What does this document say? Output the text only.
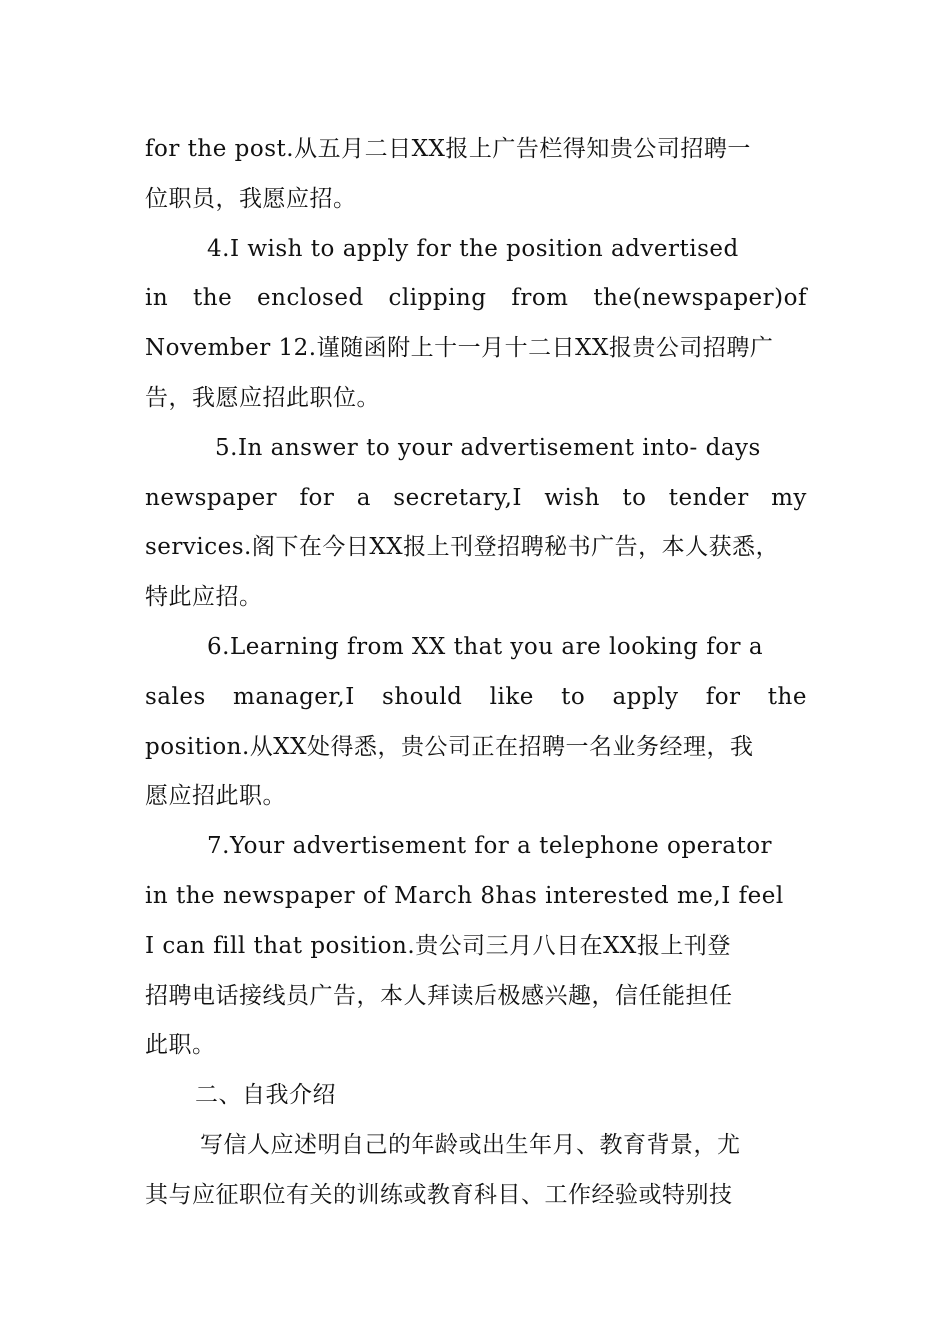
for the post.从五月二日XX报上广告栏得知贵公司招聘一
位职员，我愿应招。
4.I wish to apply for the position advertised
in the enclosed clipping from the(newspaper)of
November 12.谨随函附上十一月十二日XX报贵公司招聘广
告，我愿应招此职位。
5.In answer to your advertisement into- days
newspaper for a secretary,I wish to tender my
services.阁下在今日XX报上刊登招聘秘书广告，本人获悉，
特此应招。
6.Learning from XX that you are looking for a
sales manager,I should like to apply for the
position.从XX处得悉，贵公司正在招聘一名业务经理，我
愿应招此职。
7.Your advertisement for a telephone operator
in the newspaper of March 8has interested me,I feel
I can fill that position.贵公司三月八日在XX报上刊登
招聘电话接线员广告，本人拜读后极感兴趣，信任能担任
此职。
二、自我介绍
写信人应述明自己的年龄或出生年月、教育背景，尤
其与应征职位有关的训练或教育科目、工作经验或特别技
